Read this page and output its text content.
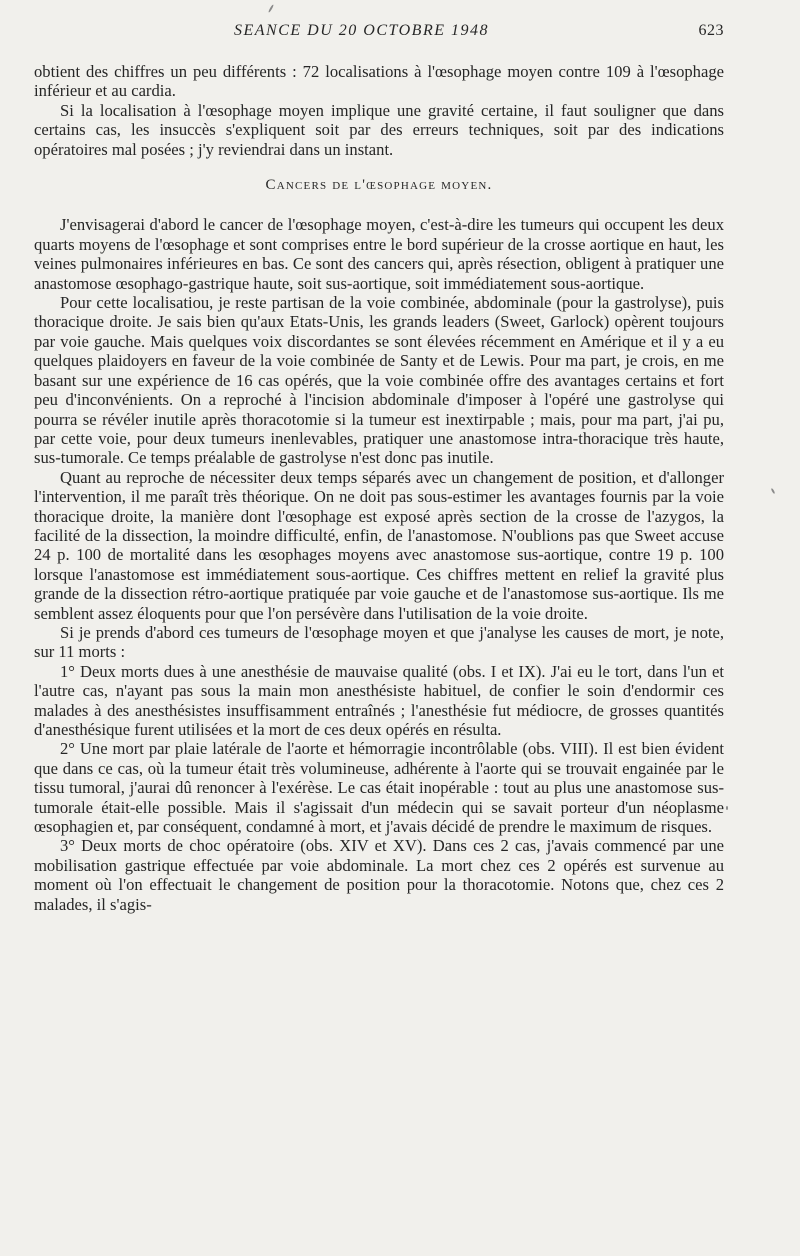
SEANCE DU 20 OCTOBRE 1948	623

obtient des chiffres un peu différents : 72 localisations à l'œsophage moyen contre 109 à l'œsophage inférieur et au cardia.

Si la localisation à l'œsophage moyen implique une gravité certaine, il faut souligner que dans certains cas, les insuccès s'expliquent soit par des erreurs techniques, soit par des indications opératoires mal posées ; j'y reviendrai dans un instant.

Cancers de l'œsophage moyen.

J'envisagerai d'abord le cancer de l'œsophage moyen, c'est-à-dire les tumeurs qui occupent les deux quarts moyens de l'œsophage et sont comprises entre le bord supérieur de la crosse aortique en haut, les veines pulmonaires inférieures en bas. Ce sont des cancers qui, après résection, obligent à pratiquer une anastomose œsophago-gastrique haute, soit sus-aortique, soit immédiatement sous-aortique.

Pour cette localisatiou, je reste partisan de la voie combinée, abdominale (pour la gastrolyse), puis thoracique droite. Je sais bien qu'aux Etats-Unis, les grands leaders (Sweet, Garlock) opèrent toujours par voie gauche. Mais quelques voix discordantes se sont élevées récemment en Amérique et il y a eu quelques plaidoyers en faveur de la voie combinée de Santy et de Lewis. Pour ma part, je crois, en me basant sur une expérience de 16 cas opérés, que la voie combinée offre des avantages certains et fort peu d'inconvénients. On a reproché à l'incision abdominale d'imposer à l'opéré une gastrolyse qui pourra se révéler inutile après thoracotomie si la tumeur est inextirpable ; mais, pour ma part, j'ai pu, par cette voie, pour deux tumeurs inenlevables, pratiquer une anastomose intra-thoracique très haute, sus-tumorale. Ce temps préalable de gastrolyse n'est donc pas inutile.

Quant au reproche de nécessiter deux temps séparés avec un changement de position, et d'allonger l'intervention, il me paraît très théorique. On ne doit pas sous-estimer les avantages fournis par la voie thoracique droite, la manière dont l'œsophage est exposé après section de la crosse de l'azygos, la facilité de la dissection, la moindre difficulté, enfin, de l'anastomose. N'oublions pas que Sweet accuse 24 p. 100 de mortalité dans les œsophages moyens avec anastomose sus-aortique, contre 19 p. 100 lorsque l'anastomose est immédiatement sous-aortique. Ces chiffres mettent en relief la gravité plus grande de la dissection rétro-aortique pratiquée par voie gauche et de l'anastomose sus-aortique. Ils me semblent assez éloquents pour que l'on persévère dans l'utilisation de la voie droite.

Si je prends d'abord ces tumeurs de l'œsophage moyen et que j'analyse les causes de mort, je note, sur 11 morts :

1° Deux morts dues à une anesthésie de mauvaise qualité (obs. I et IX). J'ai eu le tort, dans l'un et l'autre cas, n'ayant pas sous la main mon anesthésiste habituel, de confier le soin d'endormir ces malades à des anesthésistes insuffisamment entraînés ; l'anesthésie fut médiocre, de grosses quantités d'anesthésique furent utilisées et la mort de ces deux opérés en résulta.

2° Une mort par plaie latérale de l'aorte et hémorragie incontrôlable (obs. VIII). Il est bien évident que dans ce cas, où la tumeur était très volumineuse, adhérente à l'aorte qui se trouvait engainée par le tissu tumoral, j'aurai dû renoncer à l'exérèse. Le cas était inopérable : tout au plus une anastomose sus-tumorale était-elle possible. Mais il s'agissait d'un médecin qui se savait porteur d'un néoplasme œsophagien et, par conséquent, condamné à mort, et j'avais décidé de prendre le maximum de risques.

3° Deux morts de choc opératoire (obs. XIV et XV). Dans ces 2 cas, j'avais commencé par une mobilisation gastrique effectuée par voie abdominale. La mort chez ces 2 opérés est survenue au moment où l'on effectuait le changement de position pour la thoracotomie. Notons que, chez ces 2 malades, il s'agis-
